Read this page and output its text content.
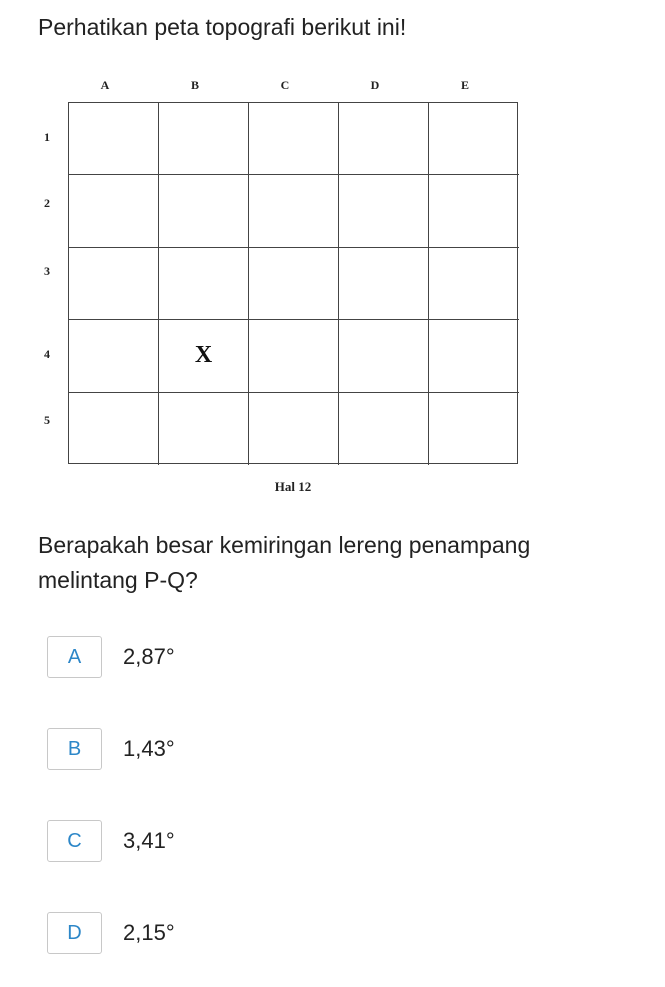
Perhatikan peta topografi berikut ini!
A	B	C	D	E
1
2
3
4
5
X
Hal 12
Berapakah besar kemiringan lereng penampang melintang P-Q?
A	2,87°
B	1,43°
C	3,41°
D	2,15°
